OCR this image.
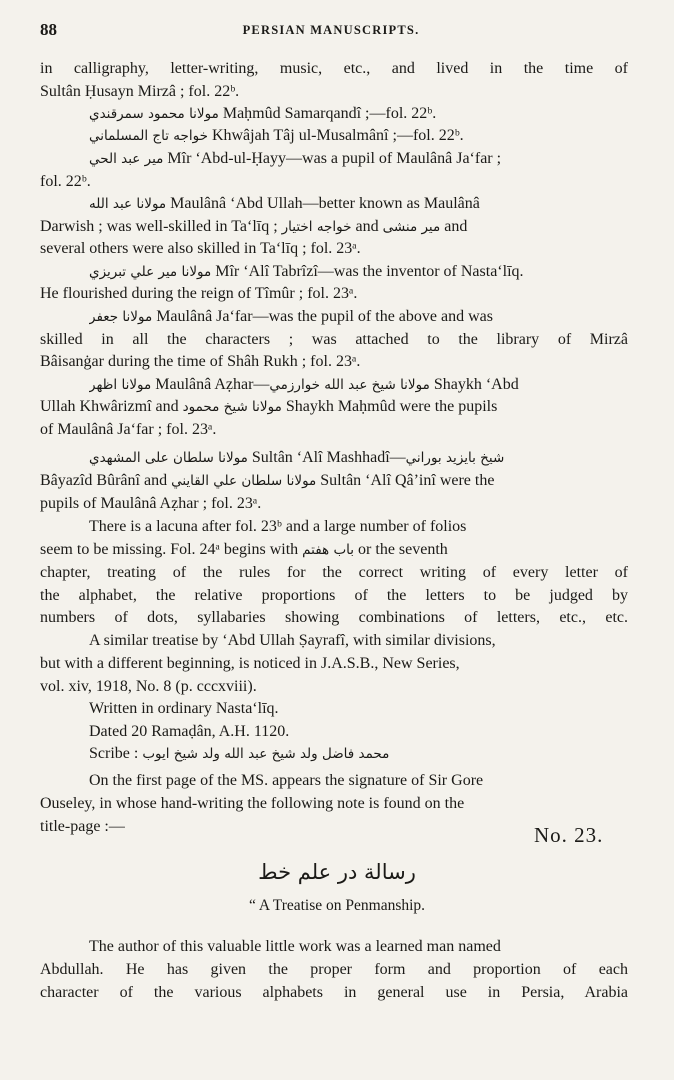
88	PERSIAN MANUSCRIPTS.
in calligraphy, letter-writing, music, etc., and lived in the time of
Sultân Ḥusayn Mirzâ ; fol. 22ᵇ.
مولانا محمود سمرقندي Maḥmûd Samarqandî ;—fol. 22ᵇ.
خواجه تاج المسلماني Khwâjah Tâj ul-Musalmânî ;—fol. 22ᵇ.
مير عبد الحي Mîr ‘Abd-ul-Ḥayy—was a pupil of Maulânâ Ja‘far ;
fol. 22ᵇ.
مولانا عبد الله Maulânâ ‘Abd Ullah—better known as Maulânâ
Darwish ; was well-skilled in Ta‘līq ; خواجه اختيار and مير منشى and
several others were also skilled in Ta‘līq ; fol. 23ᵃ.
مولانا مير علي تبريزي Mîr ‘Alî Tabrîzî—was the inventor of Nasta‘līq.
He flourished during the reign of Tîmûr ; fol. 23ᵃ.
مولانا جعفر Maulânâ Ja‘far—was the pupil of the above and was
skilled in all the characters ; was attached to the library of Mirzâ
Bâisanġar during the time of Shâh Rukh ; fol. 23ᵃ.
مولانا اظهر Maulânâ Aẓhar—مولانا شيخ عبد الله خوارزمي Shaykh ‘Abd
Ullah Khwârizmî and مولانا شيخ محمود Shaykh Maḥmûd were the pupils
of Maulânâ Ja‘far ; fol. 23ᵃ.
مولانا سلطان على المشهدي Sultân ‘Alî Mashhadî—شيخ بايزيد بوراني
Bâyazîd Bûrânî and مولانا سلطان علي القايني Sultân ‘Alî Qâ’inî were the
pupils of Maulânâ Aẓhar ; fol. 23ᵃ.
There is a lacuna after fol. 23ᵇ and a large number of folios
seem to be missing. Fol. 24ᵃ begins with باب هفتم or the seventh
chapter, treating of the rules for the correct writing of every letter of
the alphabet, the relative proportions of the letters to be judged by
numbers of dots, syllabaries showing combinations of letters, etc., etc.
A similar treatise by ‘Abd Ullah Ṣayrafî, with similar divisions,
but with a different beginning, is noticed in J.A.S.B., New Series,
vol. xiv, 1918, No. 8 (p. cccxviii).
Written in ordinary Nasta‘līq.
Dated 20 Ramaḍân, A.H. 1120.
Scribe : محمد فاضل ولد شيخ عبد الله ولد شيخ ايوب
On the first page of the MS. appears the signature of Sir Gore
Ouseley, in whose hand-writing the following note is found on the
title-page :—	No. 23.
رسالة در علم خط
“ A Treatise on Penmanship.
The author of this valuable little work was a learned man named
Abdullah. He has given the proper form and proportion of each
character of the various alphabets in general use in Persia, Arabia
